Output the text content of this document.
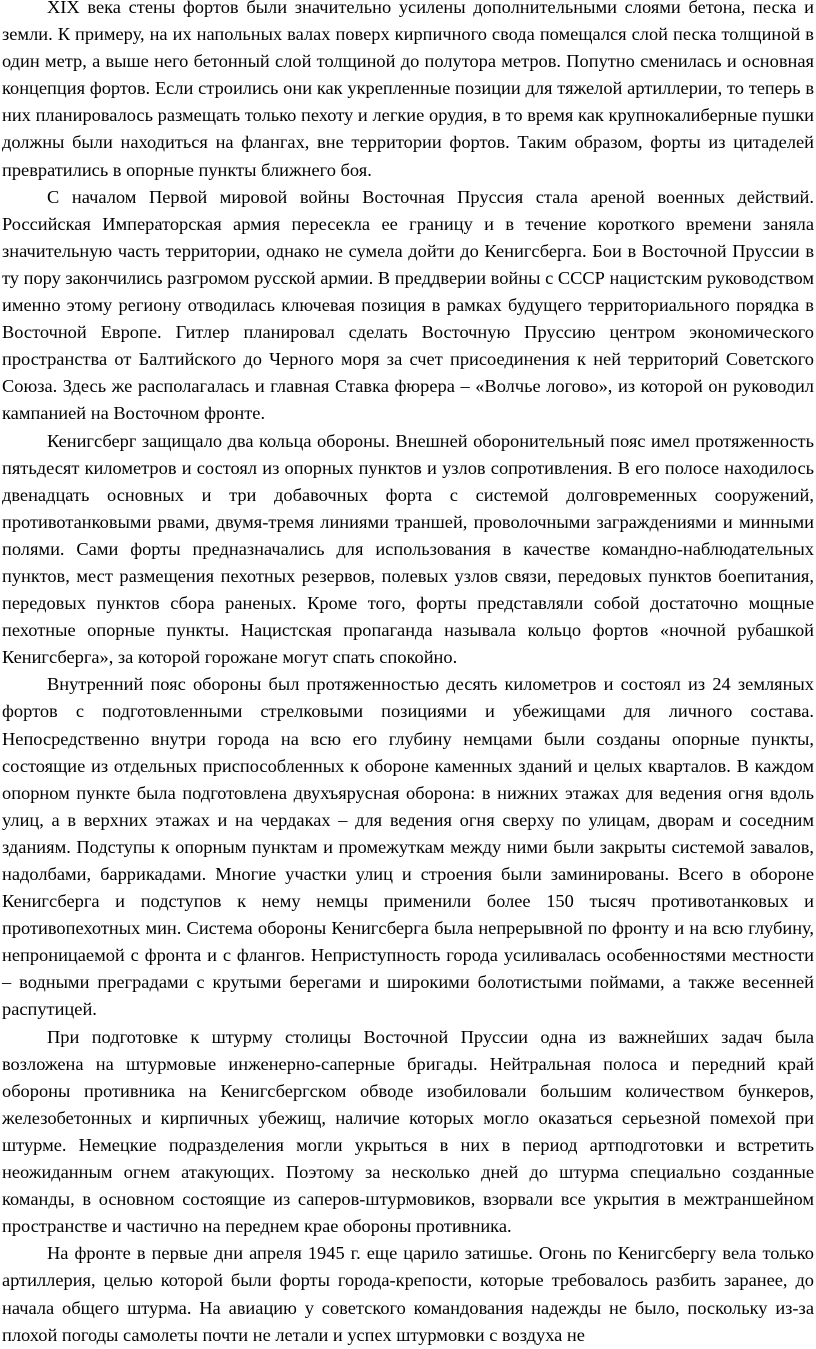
XIX века стены фортов были значительно усилены дополнительными слоями бетона, песка и земли. К примеру, на их напольных валах поверх кирпичного свода помещался слой песка толщиной в один метр, а выше него бетонный слой толщиной до полутора метров. Попутно сменилась и основная концепция фортов. Если строились они как укрепленные позиции для тяжелой артиллерии, то теперь в них планировалось размещать только пехоту и легкие орудия, в то время как крупнокалиберные пушки должны были находиться на флангах, вне территории фортов. Таким образом, форты из цитаделей превратились в опорные пункты ближнего боя.

С началом Первой мировой войны Восточная Пруссия стала ареной военных действий. Российская Императорская армия пересекла ее границу и в течение короткого времени заняла значительную часть территории, однако не сумела дойти до Кенигсберга. Бои в Восточной Пруссии в ту пору закончились разгромом русской армии. В преддверии войны с СССР нацистским руководством именно этому региону отводилась ключевая позиция в рамках будущего территориального порядка в Восточной Европе. Гитлер планировал сделать Восточную Пруссию центром экономического пространства от Балтийского до Черного моря за счет присоединения к ней территорий Советского Союза. Здесь же располагалась и главная Ставка фюрера – «Волчье логово», из которой он руководил кампанией на Восточном фронте.

Кенигсберг защищало два кольца обороны. Внешней оборонительный пояс имел протяженность пятьдесят километров и состоял из опорных пунктов и узлов сопротивления. В его полосе находилось двенадцать основных и три добавочных форта с системой долговременных сооружений, противотанковыми рвами, двумя-тремя линиями траншей, проволочными заграждениями и минными полями. Сами форты предназначались для использования в качестве командно-наблюдательных пунктов, мест размещения пехотных резервов, полевых узлов связи, передовых пунктов боепитания, передовых пунктов сбора раненых. Кроме того, форты представляли собой достаточно мощные пехотные опорные пункты. Нацистская пропаганда называла кольцо фортов «ночной рубашкой Кенигсберга», за которой горожане могут спать спокойно.

Внутренний пояс обороны был протяженностью десять километров и состоял из 24 земляных фортов с подготовленными стрелковыми позициями и убежищами для личного состава. Непосредственно внутри города на всю его глубину немцами были созданы опорные пункты, состоящие из отдельных приспособленных к обороне каменных зданий и целых кварталов. В каждом опорном пункте была подготовлена двухъярусная оборона: в нижних этажах для ведения огня вдоль улиц, а в верхних этажах и на чердаках – для ведения огня сверху по улицам, дворам и соседним зданиям. Подступы к опорным пунктам и промежуткам между ними были закрыты системой завалов, надолбами, баррикадами. Многие участки улиц и строения были заминированы. Всего в обороне Кенигсберга и подступов к нему немцы применили более 150 тысяч противотанковых и противопехотных мин. Система обороны Кенигсберга была непрерывной по фронту и на всю глубину, непроницаемой с фронта и с флангов. Неприступность города усиливалась особенностями местности – водными преградами с крутыми берегами и широкими болотистыми поймами, а также весенней распутицей.

При подготовке к штурму столицы Восточной Пруссии одна из важнейших задач была возложена на штурмовые инженерно-саперные бригады. Нейтральная полоса и передний край обороны противника на Кенигсбергском обводе изобиловали большим количеством бункеров, железобетонных и кирпичных убежищ, наличие которых могло оказаться серьезной помехой при штурме. Немецкие подразделения могли укрыться в них в период артподготовки и встретить неожиданным огнем атакующих. Поэтому за несколько дней до штурма специально созданные команды, в основном состоящие из саперов-штурмовиков, взорвали все укрытия в межтраншейном пространстве и частично на переднем крае обороны противника.

На фронте в первые дни апреля 1945 г. еще царило затишье. Огонь по Кенигсбергу вела только артиллерия, целью которой были форты города-крепости, которые требовалось разбить заранее, до начала общего штурма. На авиацию у советского командования надежды не было, поскольку из-за плохой погоды самолеты почти не летали и успех штурмовки с воздуха не
